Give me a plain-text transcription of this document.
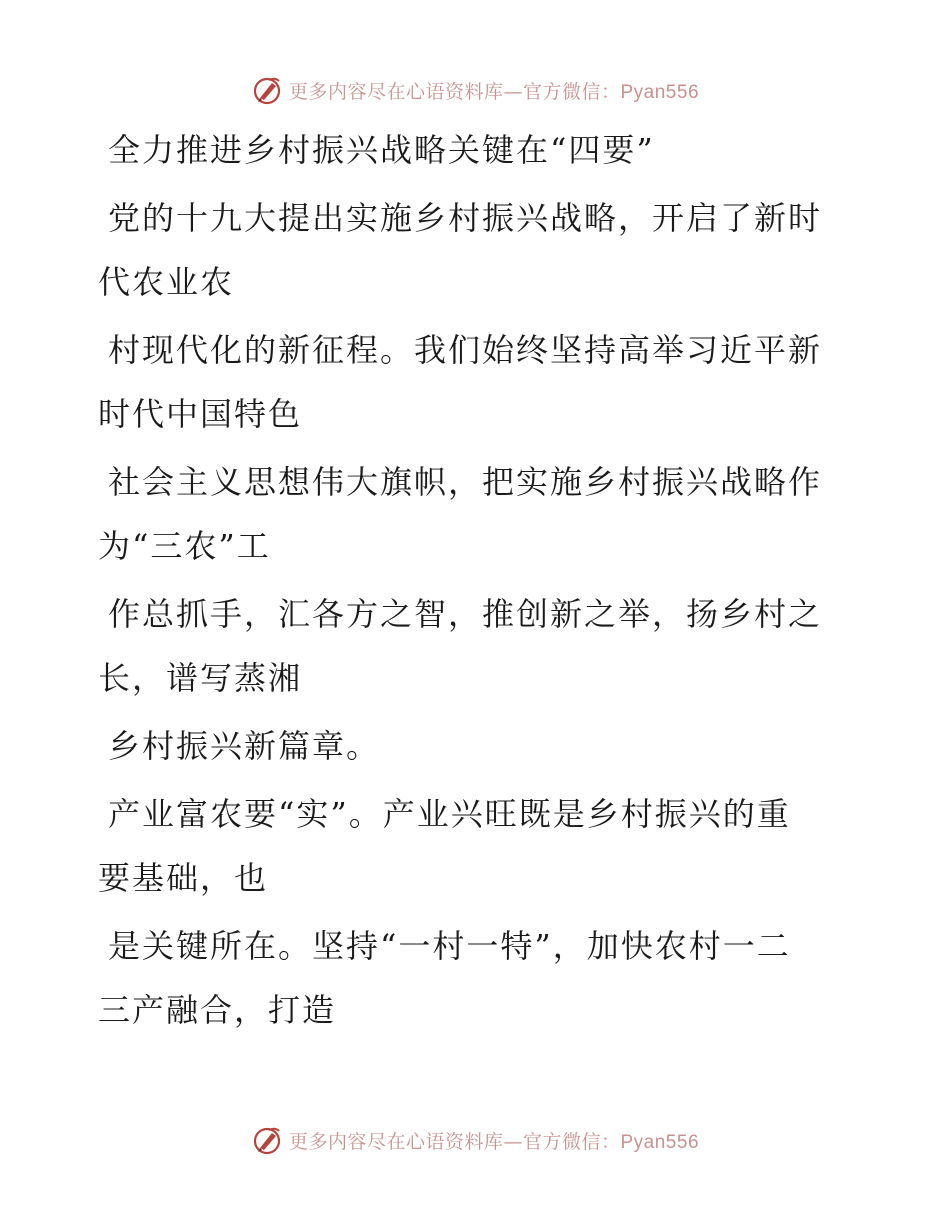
更多内容尽在心语资料库—官方微信：Pyan556
全力推进乡村振兴战略关键在“四要”
党的十九大提出实施乡村振兴战略，开启了新时
代农业农
村现代化的新征程。我们始终坚持高举习近平新
时代中国特色
社会主义思想伟大旗帜，把实施乡村振兴战略作
为“三农”工
作总抓手，汇各方之智，推创新之举，扬乡村之
长，谱写蒸湘
乡村振兴新篇章。
产业富农要“实”。产业兴旺既是乡村振兴的重
要基础，也
是关键所在。坚持“一村一特”，加快农村一二
三产融合，打造
更多内容尽在心语资料库—官方微信：Pyan556
